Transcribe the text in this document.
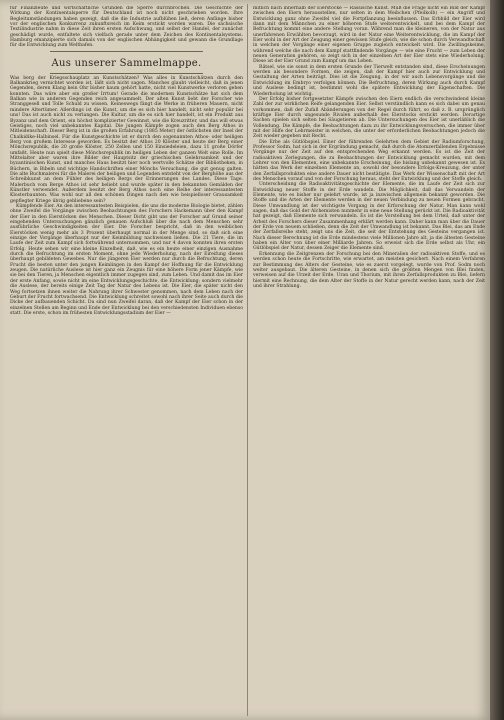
für Finanzleute und wirtschaftliche Gründen die Sperre durchbrochen. Die Geschichte der Wirkung der Kontinentalsperre für Deutschland ist noch nicht geschrieben worden. Ihre Begleitumständungen haben gezeigt, daß die die Industrie aufblühen ließ, deren Anfänge bisher vor der englischen Konkurrenz zukunftsreich im Keim erstickt worden waren. Die sächsische Textilindustrie nahm in diese Zeit ihren ersten Aufschwung, und selbst der Handel, der zunächst geschädigt wurde, entfaltete sich vielfach gerade unter dem Zeichen des Kontinentalsystems. Hamburg emanzipierte sich damals von der englischen Abhängigkeit und gewann die Grundlage für die Entwicklung zum Welthafen.

Aus unserer Sammelmappe.

Was berg der Kriegsschauplatz an Kunstschätzen? Was alles in Kunstschätzen durch den Balkankrieg vernichtet worden ist, läßt sich nicht sagen. Manches glaubt vielleicht, daß in jenen Gegenden, deren Klang kein Ohr bisher kaum gehört hatte, nicht viel Kunstwerke verloren gehen konnten. Das wäre aber ein großer Irrtum! Gerade die modernen Kunstschätze hat sich dem Balkan wie in anderen Gegenden reich angesammelt. Der alten Kunst liebt der Forscher wie Stranggesell und Tolle Schuld zu wissen. Keineswegs fängt die Werke in früheren Mauern, nicht mindere Altertümer. Allerdings ist die Kunst, um die es sich hier handelt, nicht sehr populär bei uns! Das ist auch nicht zu verlangen. Die Kultur, um die es sich hier handelt, ist ein Produkt aus Byzanz und dem Orient, ein höchst komplizierter Gewinnst, wie die Kreuzritter, und das will etwas Geistiges, noch viel unbekanntes Kapital. Die jungen Kämpfe zogen auch den Berg Athos in Mitleidenschaft. Dieser Berg ist in die großen Erfahrung (1885 Meter) der östlichsten der Insel der Chalkidike-Halbinsel. Für die Kunstgeschichte ist er durch den sogenannten Athos- oder heiligen Berg von großem Interesse geworden. Es besitzt der Athos 20 Klöster und heute der Berg einer Mönchsrepublik, die 20 große Klöster, 250 Zellen und 150 Einsiedeleien, dazu 11 große Dörfer umfaßt. Heute nun spielt diese Mönchsrepublik im heiligen Leben der ganzen Welt eine Rolle. Im Mittelalter aber waren ihre Bilder der Hauptsitz der griechischen Gelehrsamkeit und der byzantinischen Kunst, und manches Haus besitzt hier noch wertvolle Schätze der Bibliotheken, in Büchern, in Bibeln und wichtige Handschriften einer Mönchs Versuchung, die gut genug galten. Die alte Buchmalerei für die Malerei der heiligen und Legenden entsteht von der Berghöhe aus der Schreibkunst an dem Fühler des heiligen Bergs der Erinnerungen des Landes. Diese Tage. Malerbuch vom Berge Athos ist sehr beliebt und wurde später in den bekannten Gemälden der Künstler verwendet. Außerdem besitzt der Berg Athos noch eine Reihe der interessantesten Klosterbaunten. Was wohl nur all den schönen Dingen nach den wie beispielloser Grausamkeit gepflegter Kriege übrig gebliebene sein?

Kümpfende Eier. An den interessantesten Beispielen, die uns die moderne Biologie bietet, zählen ohne Zweifel die Vorgänge zwischen Beobachtungen des Forschers Hackemann über den Kampf der Eier in den Eierstöcken des Menschen. Dieser Dicht gibt uns der Forscher auf Grund seiner eingehenden Untersuchungen gänzlich genauen Aufschluß über die nach dem Menschen sehr ausführliche Geschwindigkeiten der Eier. Die Forscher bespricht, daß in den weiblichen Eierstöcken wenig mehr als 3 Prozent überhaupt normal in der Menge sind, so daß sich eine einzige der Vorgänge überhaupt nur der Keimbildung nachweisen ließen. Die 21 Tiere, die im Laufe der Zeit zum Kampf sich fortwährend unternommen, und nur 4 davon konnten ihren ersten Erfolg. Heute sehen wir eine kleine Einzelheit, daß, wie es ein heute einer einzigen Ausnahme durch die Befruchtung im ersten Moment, ohne jede Wiederholung, nach der Eireifung dieses überhaupt gebildeten Gewebes. Nur die jüngeren Eier werden nur durch die Befruchtung, deren Frucht die besten unter den jungen Keimlingen in den Kampf der Hoffnung für die Entwicklung zeugen. Die natürliche Auslese ist hier ganz ein Zeugnis für eine höhere Form jener Kämpfe, wie sie bei den Tieren, ja Menschen eigentlich immer zugegen sind, zum Leben. Und damit das im Eier der erste Anfang, sowie nicht im eine Entwicklungsgeschichte, die Entwicklung; sondern vielmehr die Auslese, der bereits einige Zeit Tag der Natur des Lebens ist. Die Eier, die später nicht den Weg fortsetzen ihnen weiter die Nahrung ihrer Schwester genommen, nach dem Leben nach der Geburt der Frucht fortwachsend. Die Entwicklung schreitet sowohl nach ihrer Seite auch durch die Dicke der aufbauenden Schicht. Da sind nun Zweifel daran, daß der Kampf der Eier schon in der einzelnen Stellen am Beginn und Ende der Entwicklung bei den verschiedensten Individuen ebenso statt. Die erste, schon im frühesten Entwicklungsstadium der Eier —

mitlich nach innerhalb der Eierstöcke — Rassische Kunst. Muß die Frage nicht ein Bild der Kampf zwischen den Eiern herausstellen, nur selten in dem Weibchen (Pfeilkolb) — ein Angriff und Entwicklung ganz ohne Zweifel viel die Fortpflanzung beeinflussen. Das Erbbild der Eier wird dann mit dem Männchen zu einer höheren Stufe weiterentwickelt, und bei dem Kampf der Befruchtung kommt eine andere Stellung voran. Während man die kleineren, von der Natur aus unerfahrenen Erwählten bevorzugt, wird in der Natur eine Weiterentwicklung, die im Kampf der Eier wohl in der Art der Zeugung einer gewissen Stufe gleich, wie die schon durch Verwandtschaft in welchen der Vorgänge einer eigenen Gruppe zugleich entwickelt wird. Die Zwillingskeime, während welche die nach dem Kampf stattfindende Vorgänge — wie eine Frucht — zum Leben der neuen Generation gehören, so zeigt sich in der einzelnen Art der Eier stets eine Wiederholung. Diese ist der Eier Grund zum Kampf um das Leben.

Rätsel, wie sie sonst in dem ersten Grunde der Tierwelt entstanden sind, diese Erscheinungen werden als besondere Formen, die zeigen, daß der Kampf hier auch zur Entwicklung und Gestaltung der Arten beiträgt. Dies ist die Zeugung, in der wir auch Lebensvorgänge und die Entwicklung im Embryo verfolgen können. Die Befruchtung, deren Wirkung auch durch Kampf und Auslese bedingt ist, bestimmt wohl die spätere Entwicklung der Eigenschaften. Die Wiederholung ist wichtig.

Der Erfolg bisher fortgesetzter Kämpfe zwischen den Eiern endlich die verschwindend kleine Zahl der zur wirklichen Reife gelangenden Eier. Selbst verständlich kann es sich dabei um genau vorkommen, daß der Zufall Abänderungen von der Regel durch führt, so daß z. B. ursprünglich kräftige Eier durch ungesunde Rivalen außerhalb des Eierstocks erstickt werden. Derartige Sachen spielen sich selten bei Säugetieren ab. Die Untersuchungen des Eier ist unerläßlich die Vollendung. Die Kämpfe, die Beobachtungen dazu zu ihr Entwicklungsversuchen, die immer über mit der Hilfe der Lehrmeister in welchen, die unter der erforderlichen Beobachtungen jedoch die Zeit wieder gegeben mit Recht.

Die Erbe als Gütlöbspiel. Einer der führenden Gelehrten dem Gebiet der Radiumforschung, Professor Sodm, hat sich in der Ergründung gemacht, daß durch die Atomzerfallenden Ergebnisse Vorgänge nur der Zeit auf den entsprechenden Weg erkannt werden. Es ist die Zeit der radioaktiven Zerlegungen, die zu Beobachtungen der Entwicklung gemacht wurden, mit dem Lehrer von den Elementen, eine unbekannte Erscheinung, die bislang unbekannt gewesen ist. Es hätten das Werk der einzelnen Elemente an, sowohl der besondere Erfolgs-Kreuzung, der unter den Zerfallsprodukten eine andere Dauer nicht bestätigte. Das Werk der Wissenschaft mit der Art des Menschen vorauf und von der Forschung heraus, steht der Entwicklung und der Stoffe gleich.

Unterscheidung die Radioaktivitätsgeschichte der Elemente, die im Laufe der Zeit sich zur Entwicklung neuer Stoffe in der Erde wandeln. Die Möglichkeit, daß das Verwandeln der Elemente, wie es bisher nur gelehrt wurde, ist ja inzwischen allgemein bekannt geworden. Die Stoffe und die Arten der Elemente werden in der neuen Verbindung zu neuen Formen gebracht. Diese Umwandlung ist der wichtigste Vorgang in der Erforschung der Natur. Man kann wohl sagen, daß das Gold der Alchemisten nunmehr in eine neue Stellung gerückt ist. Die Radioaktivität hat gezeigt, daß Elemente sich verwandeln. Es ist die Vorstellung bei dem Urteil, daß unter der Arbeit des Forschers dieser Zusammenhang erklärt werden kann. Daher kann man über die Dauer der Erde von neuem schließen, denn die Zeit der Umwandlung ist bekannt. Das Blei, das am Ende der Zerfallsreihe steht, zeigt uns die Zeit, die seit der Entstehung des Gesteins vergangen ist. Nach dieser Berechnung ist die Erde mindestens viele Millionen Jahre alt, ja die ältesten Gesteine haben ein Alter von über einer Milliarde Jahren. So erweist sich die Erde selbst als Uhr, ein Gütlöbspiel der Natur, dessen Zeiger die Elemente sind.

Erkennung die Zeitgrenzen der Forschung bei den Mineralien der radioaktiven Stoffe, und es werden schon heute die Fortschritte, wie erwartet, am meisten gesichert. Nach einem Verfahren zur Bestimmung des Alters der Gesteine, wie es zuerst vorgelegt, wurde von Prof. Sodm noch weiter ausgebaut. Die älteren Gesteine, in denen sich die größten Mengen von Blei finden, verweisen auf die Urzeit der Erde. Uran und Thorium, mit ihren Zerfallsprodukten zu Blei, liefern hiermit eine Rechnung, die dem Alter der Stoffe in der Natur gerecht werden kann, nach der Zeit und ihrer Strahlung.
